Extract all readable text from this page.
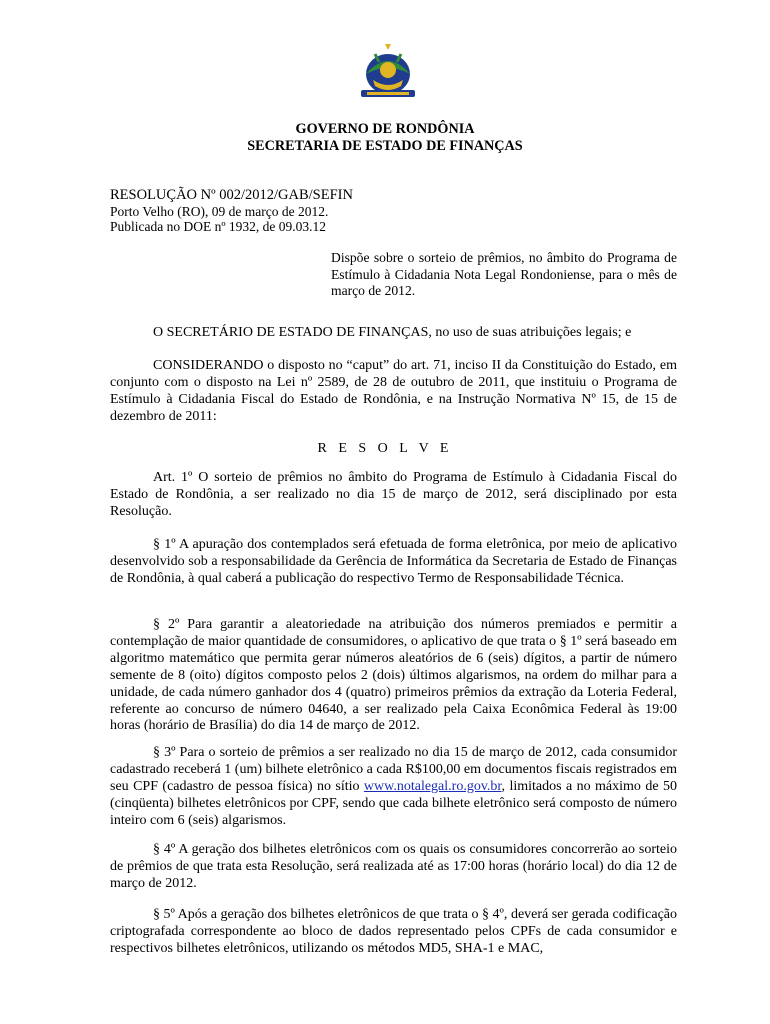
GOVERNO DE RONDÔNIA
SECRETARIA DE ESTADO DE FINANÇAS
RESOLUÇÃO Nº 002/2012/GAB/SEFIN
Porto Velho (RO), 09 de março de 2012.
Publicada no DOE nº 1932, de 09.03.12
Dispõe sobre o sorteio de prêmios, no âmbito do Programa de Estímulo à Cidadania Nota Legal Rondoniense, para o mês de março de 2012.
O SECRETÁRIO DE ESTADO DE FINANÇAS, no uso de suas atribuições legais; e
CONSIDERANDO o disposto no “caput” do art. 71, inciso II da Constituição do Estado, em conjunto com o disposto na Lei nº 2589, de 28 de outubro de 2011, que instituiu o Programa de Estímulo à Cidadania Fiscal do Estado de Rondônia, e na Instrução Normativa Nº 15, de 15 de dezembro de 2011:
R E S O L V E
Art. 1º O sorteio de prêmios no âmbito do Programa de Estímulo à Cidadania Fiscal do Estado de Rondônia, a ser realizado no dia 15 de março de 2012, será disciplinado por esta Resolução.
§ 1º A apuração dos contemplados será efetuada de forma eletrônica, por meio de aplicativo desenvolvido sob a responsabilidade da Gerência de Informática da Secretaria de Estado de Finanças de Rondônia, à qual caberá a publicação do respectivo Termo de Responsabilidade Técnica.
§ 2º Para garantir a aleatoriedade na atribuição dos números premiados e permitir a contemplação de maior quantidade de consumidores, o aplicativo de que trata o § 1º será baseado em algoritmo matemático que permita gerar números aleatórios de 6 (seis) dígitos, a partir de número semente de 8 (oito) dígitos composto pelos 2 (dois) últimos algarismos, na ordem do milhar para a unidade, de cada número ganhador dos 4 (quatro) primeiros prêmios da extração da Loteria Federal, referente ao concurso de número 04640, a ser realizado pela Caixa Econômica Federal às 19:00 horas (horário de Brasília) do dia 14 de março de 2012.
§ 3º Para o sorteio de prêmios a ser realizado no dia 15 de março de 2012, cada consumidor cadastrado receberá 1 (um) bilhete eletrônico a cada R$100,00 em documentos fiscais registrados em seu CPF (cadastro de pessoa física) no sítio www.notalegal.ro.gov.br, limitados a no máximo de 50 (cinqüenta) bilhetes eletrônicos por CPF, sendo que cada bilhete eletrônico será composto de número inteiro com 6 (seis) algarismos.
§ 4º A geração dos bilhetes eletrônicos com os quais os consumidores concorrerão ao sorteio de prêmios de que trata esta Resolução, será realizada até as 17:00 horas (horário local) do dia 12 de março de 2012.
§ 5º Após a geração dos bilhetes eletrônicos de que trata o § 4º, deverá ser gerada codificação criptografada correspondente ao bloco de dados representado pelos CPFs de cada consumidor e respectivos bilhetes eletrônicos, utilizando os métodos MD5, SHA-1 e MAC,
